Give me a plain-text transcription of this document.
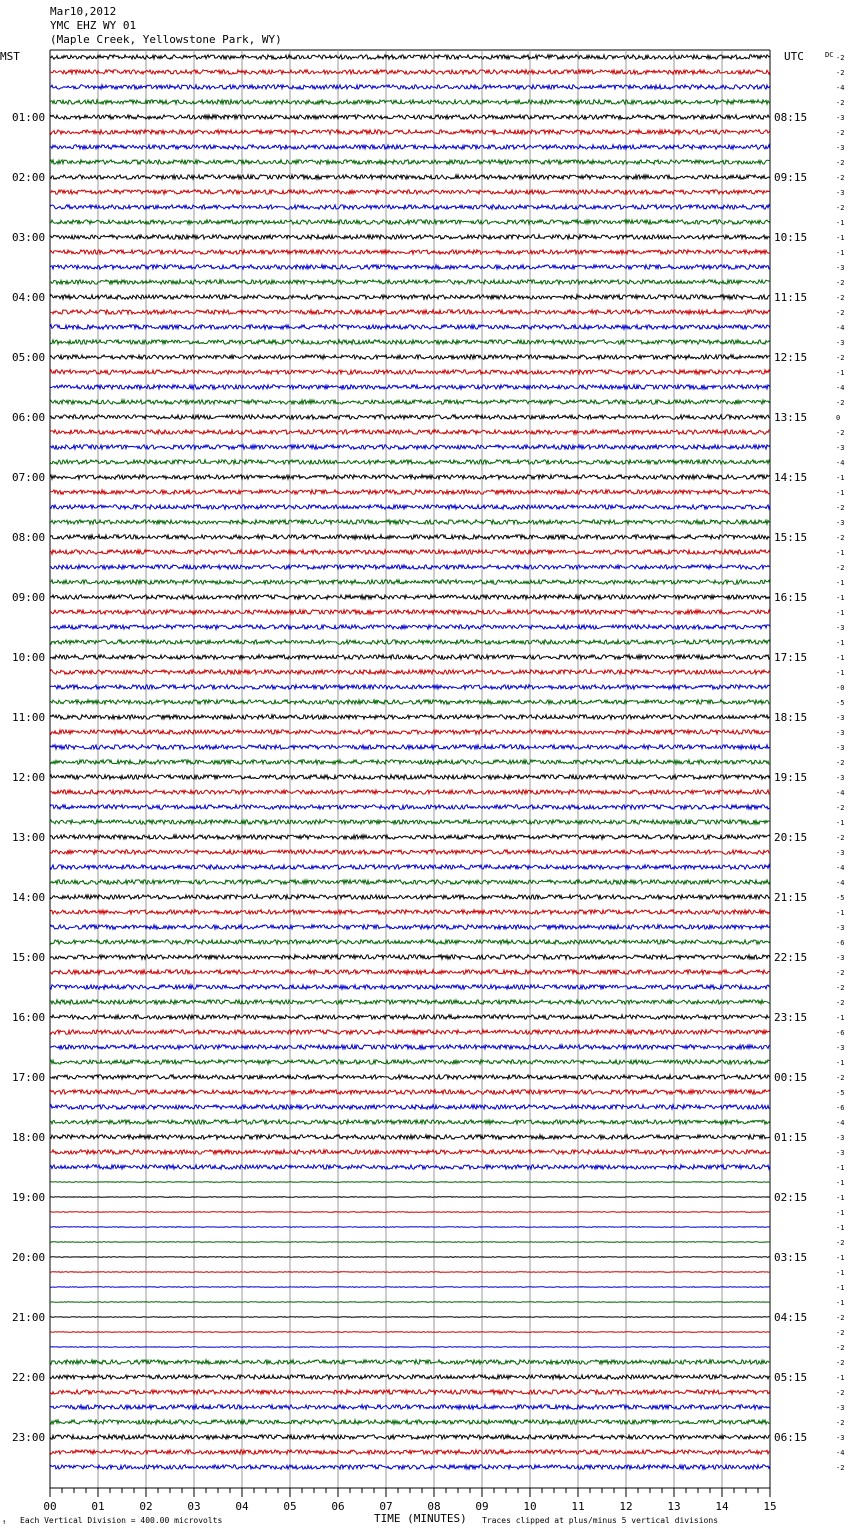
Mar10,2012
YMC EHZ WY 01
(Maple Creek, Yellowstone Park, WY)
-2
-2
-4
-2
-3
-2
-3
-2
-2
-3
-2
-1
-1
-1
-3
-2
-2
-2
-4
-3
-2
-1
-4
-2
0
-2
-3
-4
-1
-1
-2
-3
-2
-1
-2
-1
-1
-1
-3
-1
-1
-1
-0
-5
-3
-3
-3
-2
-3
-4
-2
-1
-2
-3
-4
-4
-5
-1
-3
-6
-3
-2
-2
-2
-1
-6
-3
-1
-2
-5
-6
-4
-3
-3
-1
-1
-1
-1
-1
-2
-1
-1
-1
-1
-2
-2
-2
-2
-1
-2
-3
-2
-3
-4
-2
MST	UTC	DC
01:00
02:00
03:00
04:00
05:00
06:00
07:00
08:00
09:00
10:00
11:00
12:00
13:00
14:00
15:00
16:00
17:00
18:00
19:00
20:00
21:00
22:00
23:00
08:15
09:15
10:15
11:15
12:15
13:15
14:15
15:15
16:15
17:15
18:15
19:15
20:15
21:15
22:15
23:15
00:15
01:15
02:15
03:15
04:15
05:15
06:15
00	01	02	03	04	05	06	07	08	09	10	11	12	13	14	15
↑ Each Vertical Division = 400.00 microvolts	TIME (MINUTES) Traces clipped at plus/minus 5 vertical divisions
